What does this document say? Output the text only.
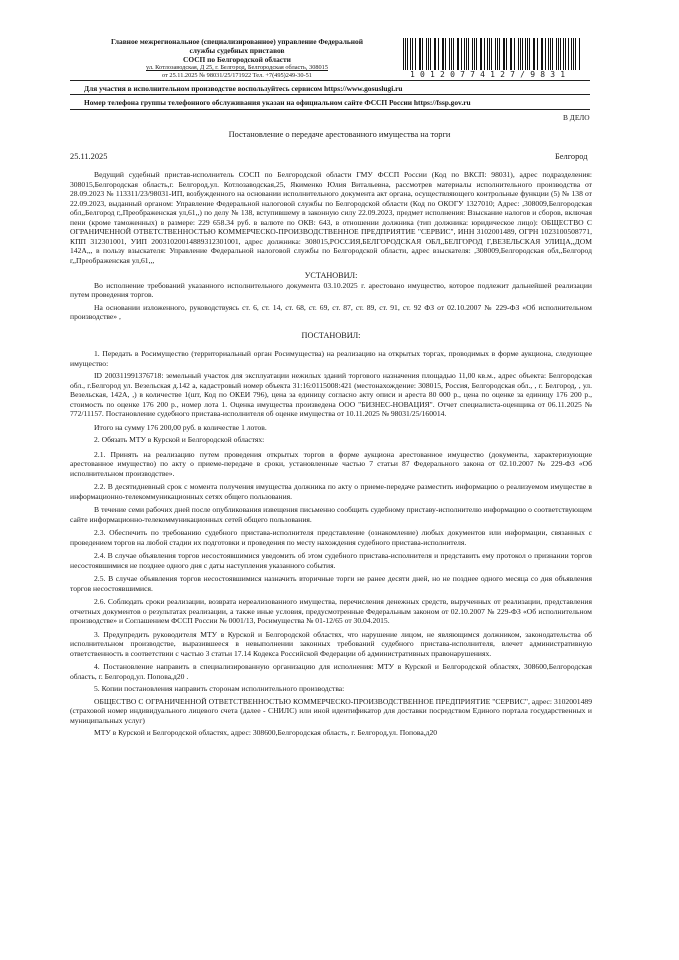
Главное межрегиональное (специализированное) управление Федеральной
службы судебных приставов
СОСП по Белгородской области
ул. Котлозаводская, Д 25, г. Белгород, Белгородская область, 308015
от 25.11.2025 № 98031/25/171922 Тел. +7(495)249-30-51	10120774127/9831
Для участия в исполнительном производстве воспользуйтесь сервисом https://www.gosuslugi.ru
Номер телефона группы телефонного обслуживания указан на официальном сайте ФССП России https://fssp.gov.ru
В ДЕЛО
Постановление о передаче арестованного имущества на торги
25.11.2025	Белгород

Ведущий судебный пристав-исполнитель СОСП по Белгородской области ГМУ ФССП России (Код по ВКСП: 98031), адрес подразделения: 308015,Белгородская область,г. Белгород,ул. Котлозаводская,25, Якименко Юлия Витальевна, рассмотрев материалы исполнительного производства от 28.09.2023 № 113311/23/98031-ИП, возбужденного на основании исполнительного документа акт органа, осуществляющего контрольные функции (5) № 138 от 22.09.2023, выданный органом: Управление Федеральной налоговой службы по Белгородской области (Код по ОКОГУ 1327010; Адрес: ,308009,Белгородская обл,,Белгород г,,Преображенская ул,61,,) по делу № 138, вступившему в законную силу 22.09.2023, предмет исполнения: Взыскание налогов и сборов, включая пени (кроме таможенных) в размере: 229 658.34 руб. в валюте по ОКВ: 643, в отношении должника (тип должника: юридическое лицо): ОБЩЕСТВО С ОГРАНИЧЕННОЙ ОТВЕТСТВЕННОСТЬЮ КОММЕРЧЕСКО-ПРОИЗВОДСТВЕННОЕ ПРЕДПРИЯТИЕ "СЕРВИС", ИНН 3102001489, ОГРН 1023100508771, КПП 312301001, УИП 20031020014889312301001, адрес должника: 308015,РОССИЯ,БЕЛГОРОДСКАЯ ОБЛ,,БЕЛГОРОД Г,ВЕЗЕЛЬСКАЯ УЛИЦА,,ДОМ 142А,,, в пользу взыскателя: Управление Федеральной налоговой службы по Белгородской области, адрес взыскателя: ,308009,Белгородская обл,,Белгород г,,Преображенская ул,61,,,

УСТАНОВИЛ:

Во исполнение требований указанного исполнительного документа 03.10.2025 г. арестовано имущество, которое подлежит дальнейшей реализации путем проведения торгов.

На основании изложенного, руководствуясь ст. 6, ст. 14, ст. 68, ст. 69, ст. 87, ст. 89, ст. 91, ст. 92 ФЗ от 02.10.2007 № 229-ФЗ «Об исполнительном производстве» ,

ПОСТАНОВИЛ:

1. Передать в Росимущество (территориальный орган Росимущества) на реализацию на открытых торгах, проводимых в форме аукциона, следующее имущество:

ID 200311991376718: земельный участок для эксплуатации нежилых зданий торгового назначения площадью 11,00 кв.м., адрес объекта: Белгородская обл., г.Белгород ул. Везельская д.142 а, кадастровый номер объекта 31:16:0115008:421 (местонахождение: 308015, Россия, Белгородская обл., , г. Белгород, , ул. Везельская, 142А, ,) в количестве 1(шт, Код по ОКЕИ 796), цена за единицу согласно акту описи и ареста 80 000 р., цена по оценке за единицу 176 200 р., стоимость по оценке 176 200 р., номер лота 1. Оценка имущества произведена ООО "БИЗНЕС-НОВАЦИЯ". Отчет специалиста-оценщика от 06.11.2025 № 772/11157. Постановление судебного пристава-исполнителя об оценке имущества от 10.11.2025 № 98031/25/160014.

Итого на сумму 176 200,00 руб. в количестве 1 лотов.

2. Обязать МТУ в Курской и Белгородской областях:

2.1. Принять на реализацию путем проведения открытых торгов в форме аукциона арестованное имущество (документы, характеризующие арестованное имущество) по акту о приеме-передаче в сроки, установленные частью 7 статьи 87 Федерального закона от 02.10.2007 № 229-ФЗ «Об исполнительном производстве».

2.2. В десятидневный срок с момента получения имущества должника по акту о приеме-передаче разместить информацию о реализуемом имуществе в информационно-телекоммуникационных сетях общего пользования.

В течение семи рабочих дней после опубликования извещения письменно сообщить судебному приставу-исполнителю информацию о соответствующем сайте информационно-телекоммуникационных сетей общего пользования.

2.3. Обеспечить по требованию судебного пристава-исполнителя представление (ознакомление) любых документов или информации, связанных с проведением торгов на любой стадии их подготовки и проведения по месту нахождения судебного пристава-исполнителя.

2.4. В случае объявления торгов несостоявшимися уведомить об этом судебного пристава-исполнителя и представить ему протокол о признании торгов несостоявшимися не позднее одного дня с даты наступления указанного события.

2.5. В случае объявления торгов несостоявшимися назначить вторичные торги не ранее десяти дней, но не позднее одного месяца со дня объявления торгов несостоявшимися.

2.6. Соблюдать сроки реализации, возврата нереализованного имущества, перечисления денежных средств, вырученных от реализации, представления отчетных документов о результатах реализации, а также иные условия, предусмотренные Федеральным законом от 02.10.2007 № 229-ФЗ «Об исполнительном производстве» и Соглашением ФССП России № 0001/13, Росимущества № 01-12/65 от 30.04.2015.

3. Предупредить руководителя МТУ в Курской и Белгородской областях, что нарушение лицом, не являющимся должником, законодательства об исполнительном производстве, выразившееся в невыполнении законных требований судебного пристава-исполнителя, влечет административную ответственность в соответствии с частью 3 статьи 17.14 Кодекса Российской Федерации об административных правонарушениях.

4. Постановление направить в специализированную организацию для исполнения: МТУ в Курской и Белгородской областях, 308600,Белгородская область, г. Белгород,ул. Попова,д20 .

5. Копии постановления направить сторонам исполнительного производства:

ОБЩЕСТВО С ОГРАНИЧЕННОЙ ОТВЕТСТВЕННОСТЬЮ КОММЕРЧЕСКО-ПРОИЗВОДСТВЕННОЕ ПРЕДПРИЯТИЕ "СЕРВИС", адрес: 3102001489 (страховой номер индивидуального лицевого счета (далее - СНИЛС) или иной идентификатор для доставки посредством Единого портала государственных и муниципальных услуг)

МТУ в Курской и Белгородской областях, адрес: 308600,Белгородская область, г. Белгород,ул. Попова,д20
